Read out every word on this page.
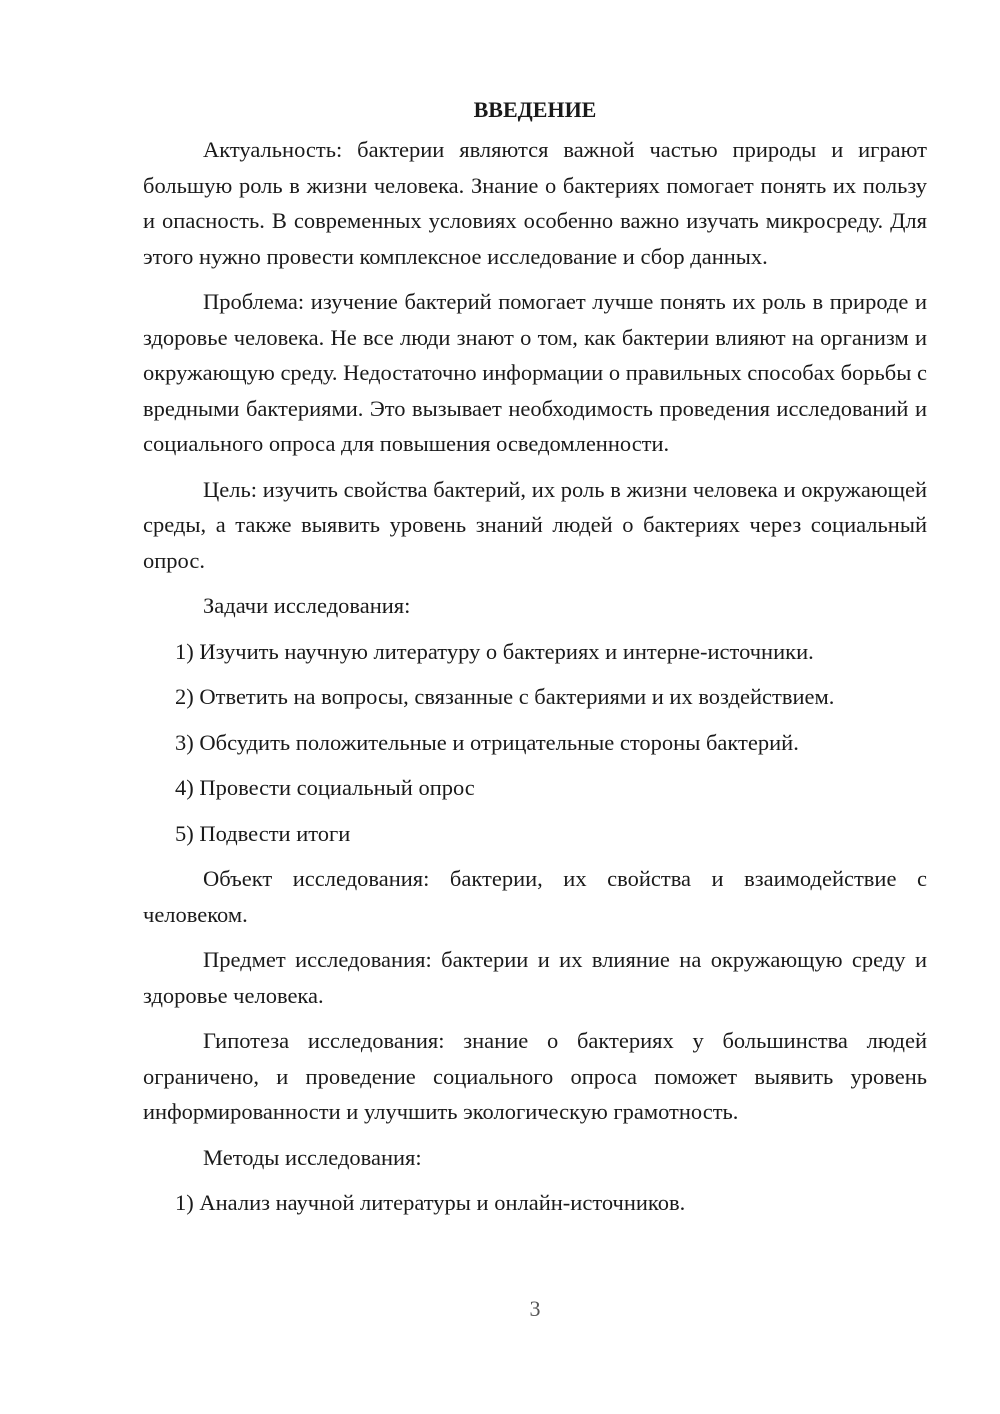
ВВЕДЕНИЕ

Актуальность: бактерии являются важной частью природы и играют большую роль в жизни человека. Знание о бактериях помогает понять их пользу и опасность. В современных условиях особенно важно изучать микросреду. Для этого нужно провести комплексное исследование и сбор данных.

Проблема: изучение бактерий помогает лучше понять их роль в природе и здоровье человека. Не все люди знают о том, как бактерии влияют на организм и окружающую среду. Недостаточно информации о правильных способах борьбы с вредными бактериями. Это вызывает необходимость проведения исследований и социального опроса для повышения осведомленности.

Цель: изучить свойства бактерий, их роль в жизни человека и окружающей среды, а также выявить уровень знаний людей о бактериях через социальный опрос.

Задачи исследования:

1) Изучить научную литературу о бактериях и интерне-источники.
2) Ответить на вопросы, связанные с бактериями и их воздействием.
3) Обсудить положительные и отрицательные стороны бактерий.
4) Провести социальный опрос
5) Подвести итоги

Объект исследования: бактерии, их свойства и взаимодействие с человеком.

Предмет исследования: бактерии и их влияние на окружающую среду и здоровье человека.

Гипотеза исследования: знание о бактериях у большинства людей ограничено, и проведение социального опроса поможет выявить уровень информированности и улучшить экологическую грамотность.

Методы исследования:

1) Анализ научной литературы и онлайн-источников.
3
